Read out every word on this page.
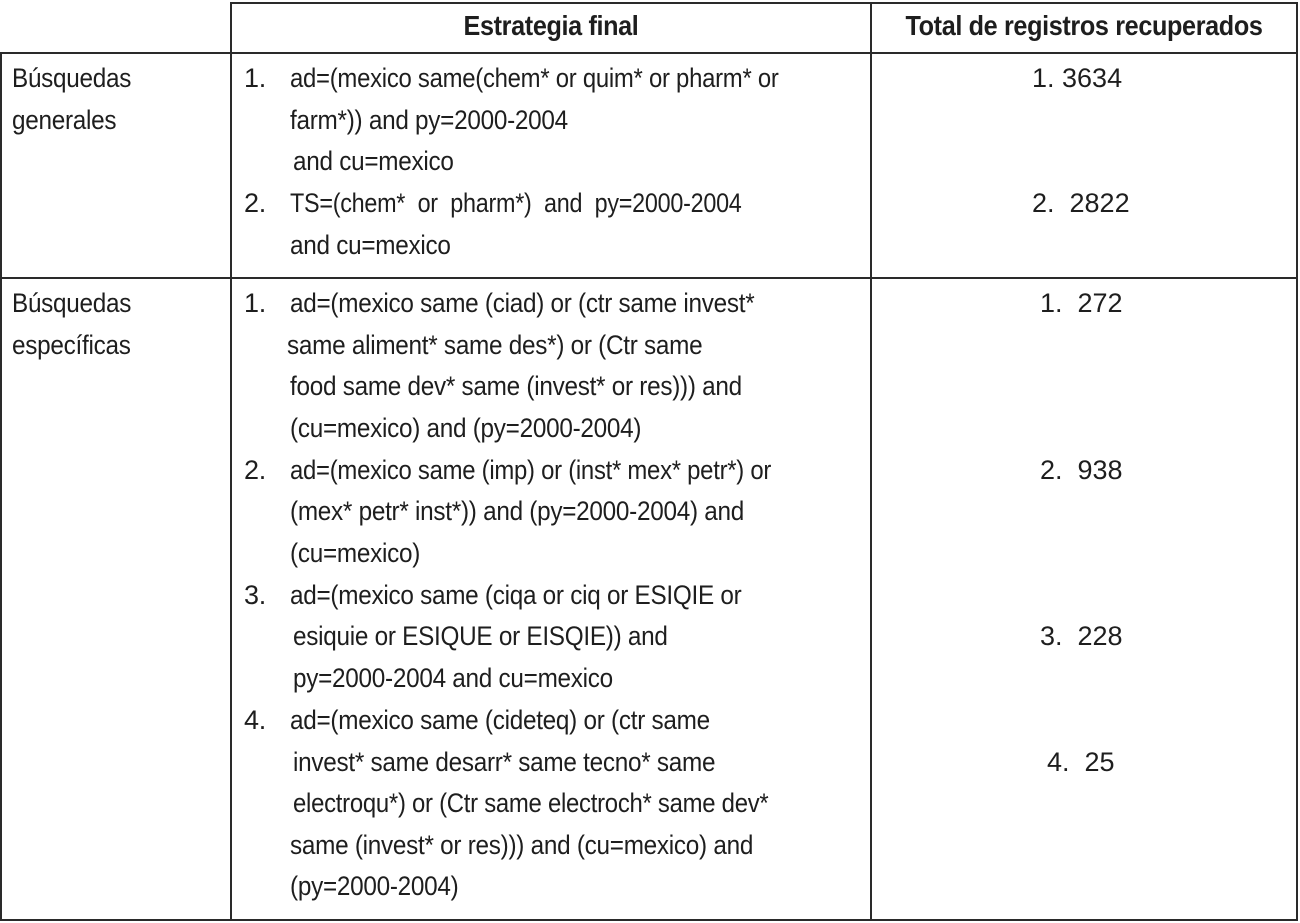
Estrategia final	Total de registros recuperados
Búsquedas
generales
1. ad=(mexico same(chem* or quim* or pharm* or
farm*)) and py=2000-2004
and cu=mexico
1. 3634
2. TS=(chem*  or  pharm*)  and  py=2000-2004
and cu=mexico
2.  2822
Búsquedas
específicas
1. ad=(mexico same (ciad) or (ctr same invest*
same aliment* same des*) or (Ctr same
food same dev* same (invest* or res))) and
(cu=mexico) and (py=2000-2004)
1.  272
2. ad=(mexico same (imp) or (inst* mex* petr*) or
(mex* petr* inst*)) and (py=2000-2004) and
(cu=mexico)
2.  938
3. ad=(mexico same (ciqa or ciq or ESIQIE or
esiquie or ESIQUE or EISQIE)) and
py=2000-2004 and cu=mexico
3.  228
4. ad=(mexico same (cideteq) or (ctr same
invest* same desarr* same tecno* same
electroqu*) or (Ctr same electroch* same dev*
same (invest* or res))) and (cu=mexico) and
(py=2000-2004)
4.  25
